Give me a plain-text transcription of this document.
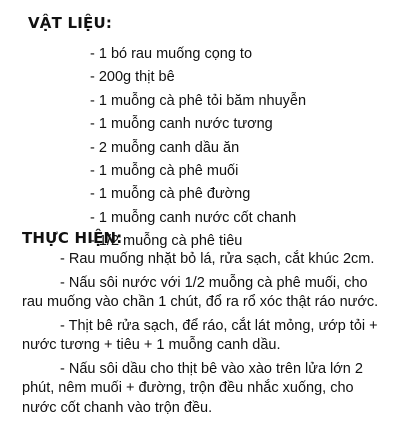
VẬT LIỆU:
- 1 bó rau muống cọng to
- 200g thịt bê
- 1 muỗng cà phê tỏi băm nhuyễn
- 1 muỗng canh nước tương
- 2 muỗng canh dầu ăn
- 1 muỗng cà phê muối
- 1 muỗng cà phê đường
- 1 muỗng canh nước cốt chanh
- 1/2 muỗng cà phê tiêu
THỰC HIỆN:

- Rau muống nhặt bỏ lá, rửa sạch, cắt khúc 2cm.

- Nấu sôi nước với 1/2 muỗng cà phê muối, cho rau muống vào chần 1 chút, đổ ra rổ xóc thật ráo nước.

- Thịt bê rửa sạch, để ráo, cắt lát mỏng, ướp tỏi + nước tương + tiêu + 1 muỗng canh dầu.

- Nấu sôi dầu cho thịt bê vào xào trên lửa lớn 2 phút, nêm muối + đường, trộn đều nhắc xuống, cho nước cốt chanh vào trộn đều.
